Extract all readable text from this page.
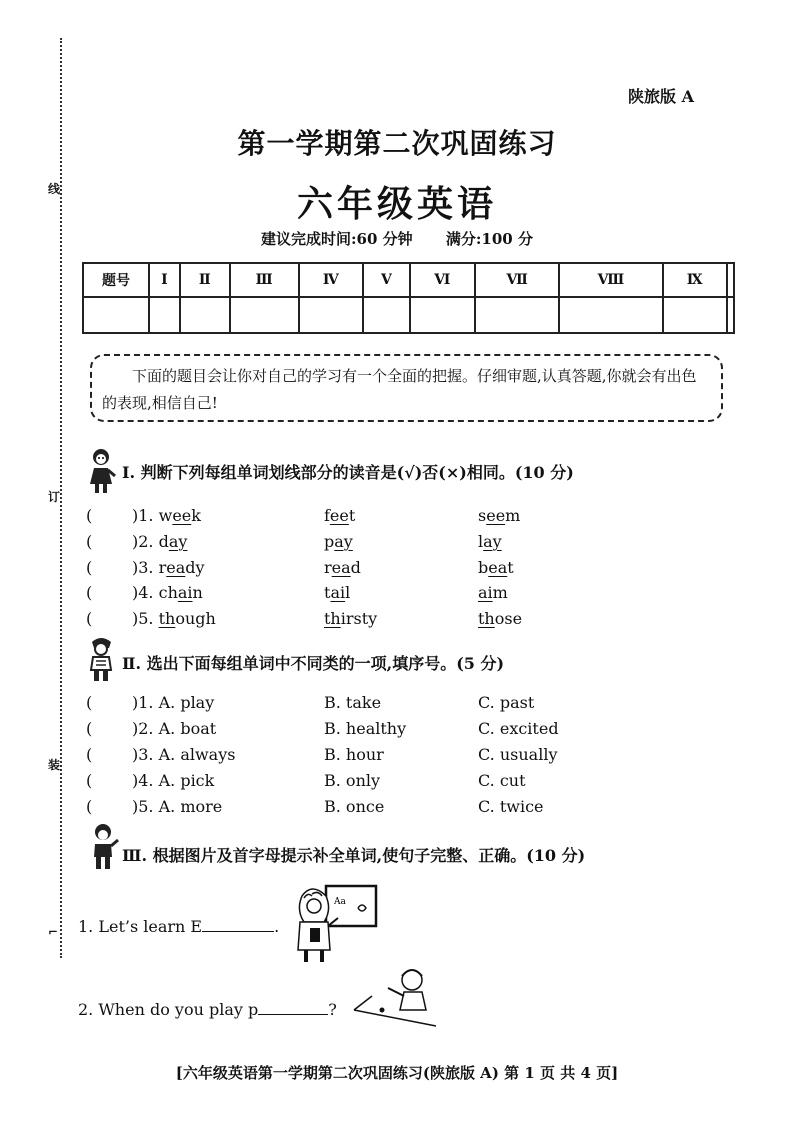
线
订
装
⌐
陕旅版 A
第一学期第二次巩固练习
六年级英语
建议完成时间:60 分钟 满分:100 分
题号	I	Ⅱ	Ⅲ	Ⅳ	V	Ⅵ	Ⅶ	Ⅷ	Ⅸ	

下面的题目会让你对自己的学习有一个全面的把握。仔细审题,认真答题,你就会有出色的表现,相信自己!

Ⅰ. 判断下列每组单词划线部分的读音是(√)否(×)相同。(10 分)
( )1. week	feet	seem
( )2. day	pay	lay
( )3. ready	read	beat
( )4. chain	tail	aim
( )5. though	thirsty	those
Ⅱ. 选出下面每组单词中不同类的一项,填序号。(5 分)
( )1. A. play	B. take	C. past
( )2. A. boat	B. healthy	C. excited
( )3. A. always	B. hour	C. usually
( )4. A. pick	B. only	C. cut
( )5. A. more	B. once	C. twice
Ⅲ. 根据图片及首字母提示补全单词,使句子完整、正确。(10 分)
Aa
1. Let’s learn E	.
2. When do you play p	?
[六年级英语第一学期第二次巩固练习(陕旅版 A) 第 1 页 共 4 页]
